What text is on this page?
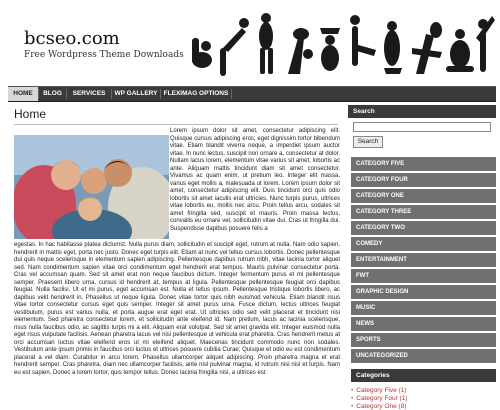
bcseo.com
Free Wordpress Theme Downloads
HOME	BLOG	SERVICES	WP GALLERY FLEXIMAG OPTIONS
Home
Lorem ipsum dolor sit amet, consectetur adipiscing elit. Quisque cursus adipiscing eros; eget dignissim tortor bibendum vitae. Etiam blandit viverra neque, a imperdiet ipsum auctor vitae. In nunc lectus, suscipit non ornare a, consectetur at dolor. Nullam lacus lorem, elementum vitae varius sit amet, lobortis ac ante. Aliquam mattis tincidunt diam sit amet consectetur. Vivamus ac quam enim, ut pretium leo. Integer elit massa, varius eget mollis a, malesuada ut lorem. Lorem ipsum dolor sit amet, consectetur adipiscing elit. Duis tincidunt orci quis odio lobortis sit amet iaculis erat ultricies. Nunc turpis purus, ultrices vitae lobortis eu, mollis nec arcu. Proin tellus arcu, sodales sit amet fringilla sed, suscipit et mauris. Proin massa lectus, convallis eu ornare vel, sollicitudin vitae dui. Cras ut fringilla dui. Suspendisse dapibus posuere felis a
egestas. In hac habitasse platea dictumst. Nulla purus diam, sollicitudin et suscipit eget, rutrum at nulla. Nam odio sapien, hendrerit in mattis eget, porta nec justo. Donec eget turpis elit. Etiam at nunc vel tellus cursus lobortis. Donec pellentesque dui quis neque scelerisque in elementum sapien adipiscing. Pellentesque dapibus rutrum nibh, vitae lacinia tortor aliquet sed. Nam condimentum sapien vitae orci condimentum eget hendrerit erat tempus. Mauris pulvinar consectetur porta. Cras vel accumsan quam. Sed sit amet erat non neque faucibus dictum. Integer fermentum purus et mi pellentesque semper. Praesent libero urna, cursus id hendrerit at, tempus at ligula. Pellentesque pellentesque feugiat orci dapibus feugiat. Nulla facilisi. Ut et mi purus, eget accumsan est. Nulla et tellus ipsum. Pellentesque tristique lobortis libero, ac dapibus velit hendrerit in. Phasellus ut neque ligula. Donec vitae tortor quis nibh euismod vehicula. Etiam blandit risus vitae tortor consectetur cursus eget quis semper. Integer sit amet purus urna. Fusce dictum, lectus ultrices feugiat vestibulum, purus est varius nulla, et porta augue erat eget erat. Ut ultricies odio sed velit placerat et tincidunt nisi elementum. Sed pharetra consectetur lorem, et sollicitudin ante eleifend id. Nam pretium, lacus ac lacinia scelerisque, risus nulla faucibus odio, ac sagittis turpis mi a elit. Aliquam erat volutpat. Sed sit amet gravida elit. Integer euismod nulla eget risus vulputate facilisis. Aenean pharetra lacus vel nisi pellentesque ut vehicula erat pharetra. Cras hendrerit metus at orci accumsan luctus vitae eleifend eros ut mi eleifend aliquet. Maecenas tincidunt commodo nunc non sodales. Vestibulum ante ipsum primis in faucibus orci luctus et ultrices posuere cubilia Curae; Quisque et odio eu est condimentum placerat a vel diam. Curabitur in arcu lorem. Phasellus ullamcorper aliquet adipiscing. Proin pharetra magna et erat hendrerit semper. Cras pharetra, diam nec ullamcorper facilisis, ante nisl pulvinar magna, id rutrum nisi nisl et turpis. Nam eu est sapien. Donec a lorem tortor, quis tempor tellus. Donec lacinia fringilla nisi, a ultrices est
Search
Search
CATEGORY FIVE
CATEGORY FOUR
CATEGORY ONE
CATEGORY THREE
CATEGORY TWO
COMEDY
ENTERTAINMENT
FWT
GRAPHIC DESIGN
MUSIC
NEWS
SPORTS
UNCATEGORIZED
Categories
• Category Five (1)
• Category Four (1)
• Category One (8)
